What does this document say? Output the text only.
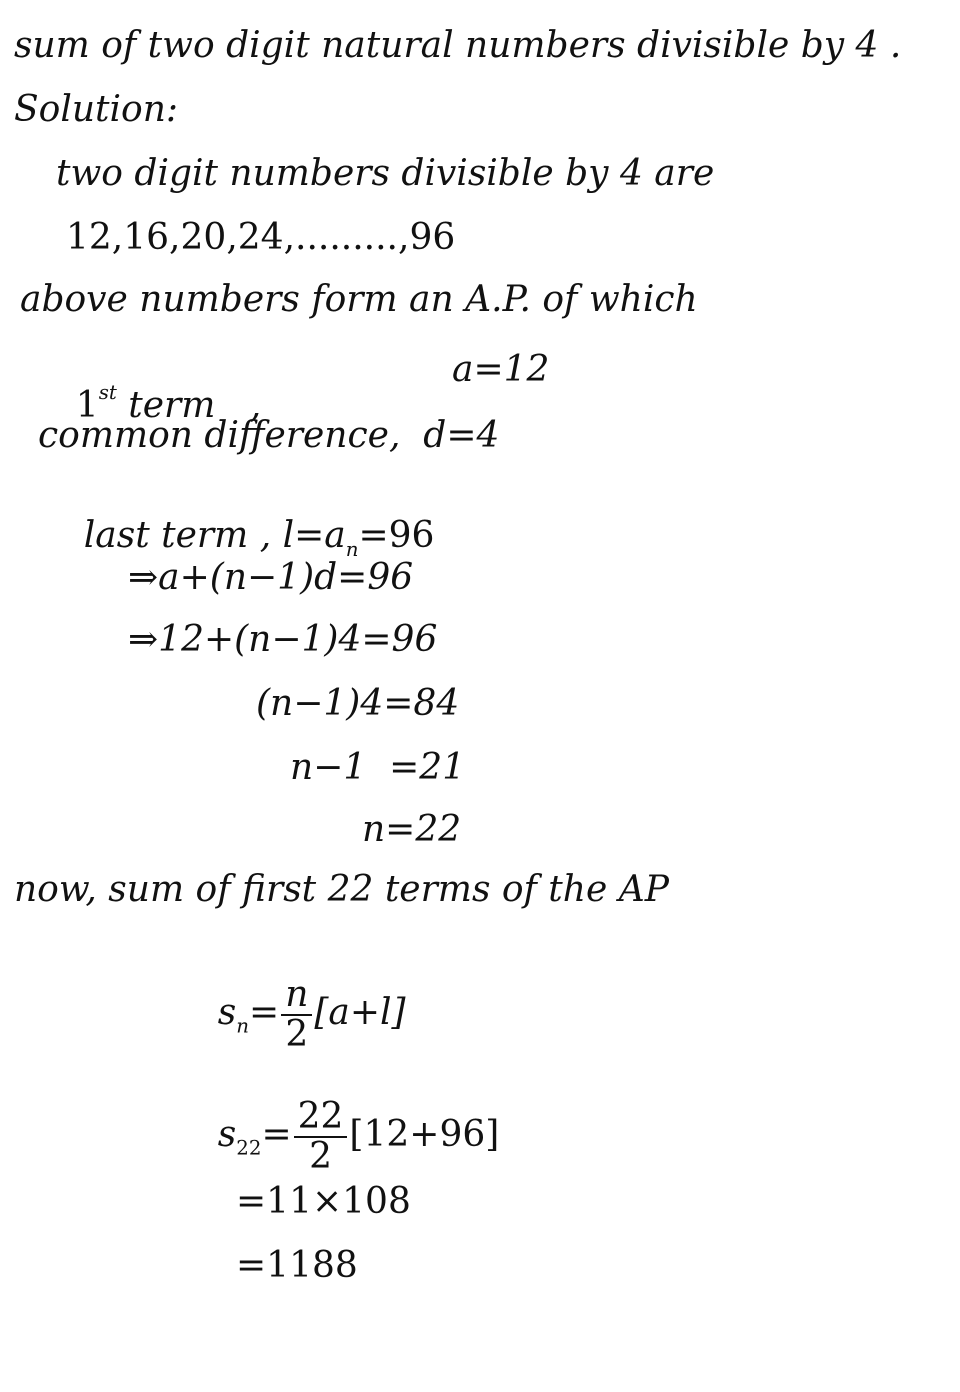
sum of two digit natural numbers divisible by 4 .
Solution:
two digit numbers divisible by 4 are
12,16,20,24,.........,96
above numbers form an A.P. of which

1st term   ,

a=12
common difference,  d=4

last term , $l=a_n=96$

⇒a+(n−1)d=96
⇒12+(n−1)4=96
(n−1)4=84
n−1  =21
n=22
now, sum of first 22 terms of the AP

$s_n= \frac{n}{2} [a+l]$

$s_{22}= \frac{22}{2} [12+96]$

=11×108
=1188
